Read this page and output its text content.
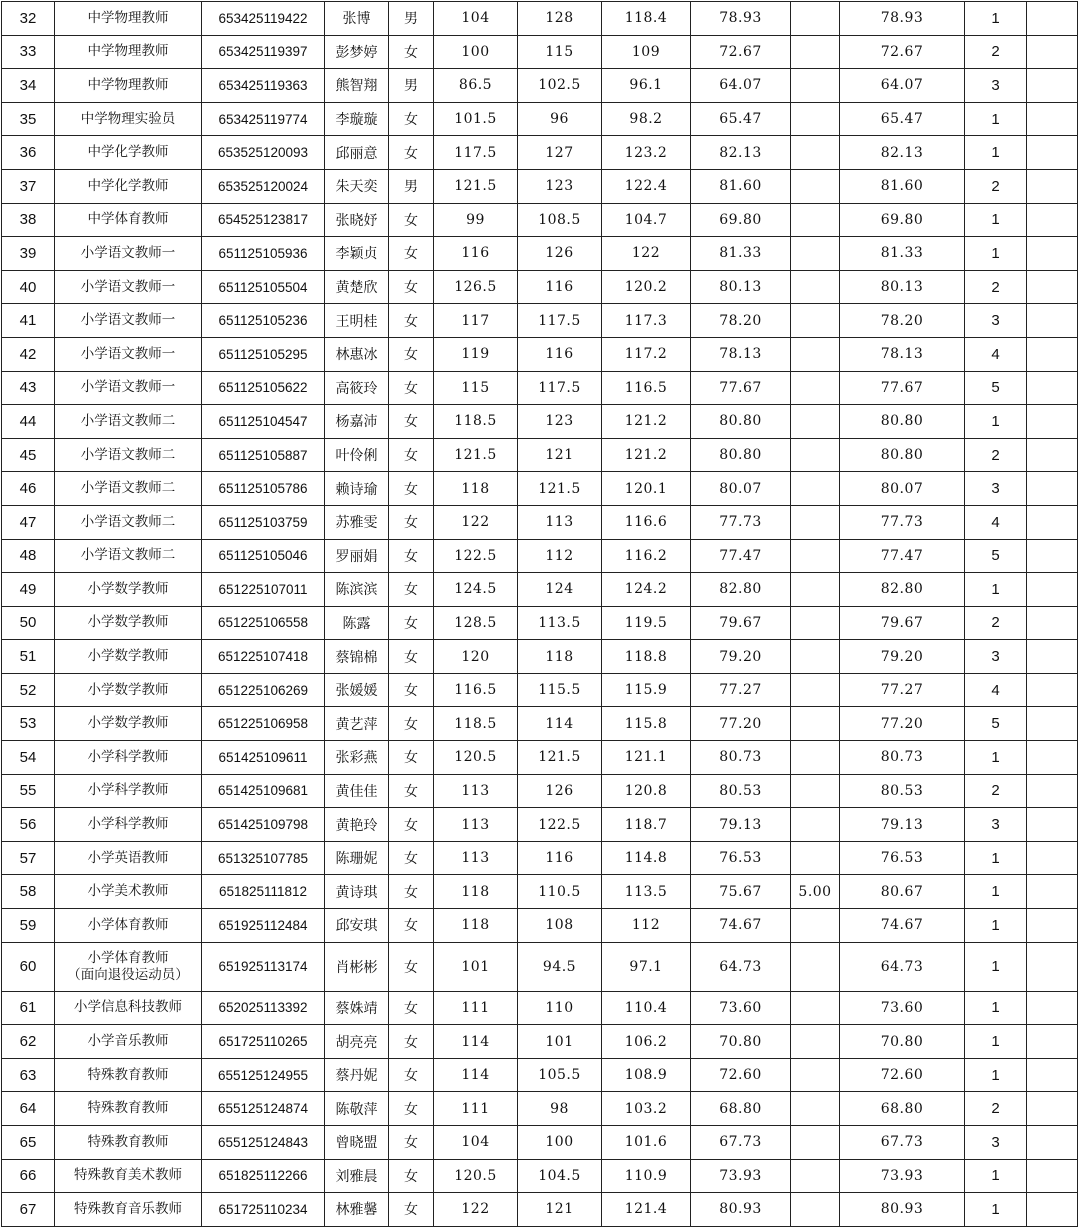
32	中学物理教师	653425119422	张博	男	104	128	118.4	78.93		78.93	1	
33	中学物理教师	653425119397	彭梦婷	女	100	115	109	72.67		72.67	2	
34	中学物理教师	653425119363	熊智翔	男	86.5	102.5	96.1	64.07		64.07	3	
35	中学物理实验员	653425119774	李璇璇	女	101.5	96	98.2	65.47		65.47	1	
36	中学化学教师	653525120093	邱丽意	女	117.5	127	123.2	82.13		82.13	1	
37	中学化学教师	653525120024	朱天奕	男	121.5	123	122.4	81.60		81.60	2	
38	中学体育教师	654525123817	张晓妤	女	99	108.5	104.7	69.80		69.80	1	
39	小学语文教师一	651125105936	李颖贞	女	116	126	122	81.33		81.33	1	
40	小学语文教师一	651125105504	黄楚欣	女	126.5	116	120.2	80.13		80.13	2	
41	小学语文教师一	651125105236	王明桂	女	117	117.5	117.3	78.20		78.20	3	
42	小学语文教师一	651125105295	林惠冰	女	119	116	117.2	78.13		78.13	4	
43	小学语文教师一	651125105622	高筱玲	女	115	117.5	116.5	77.67		77.67	5	
44	小学语文教师二	651125104547	杨嘉沛	女	118.5	123	121.2	80.80		80.80	1	
45	小学语文教师二	651125105887	叶伶俐	女	121.5	121	121.2	80.80		80.80	2	
46	小学语文教师二	651125105786	赖诗瑜	女	118	121.5	120.1	80.07		80.07	3	
47	小学语文教师二	651125103759	苏雅雯	女	122	113	116.6	77.73		77.73	4	
48	小学语文教师二	651125105046	罗丽娟	女	122.5	112	116.2	77.47		77.47	5	
49	小学数学教师	651225107011	陈滨滨	女	124.5	124	124.2	82.80		82.80	1	
50	小学数学教师	651225106558	陈露	女	128.5	113.5	119.5	79.67		79.67	2	
51	小学数学教师	651225107418	蔡锦棉	女	120	118	118.8	79.20		79.20	3	
52	小学数学教师	651225106269	张媛媛	女	116.5	115.5	115.9	77.27		77.27	4	
53	小学数学教师	651225106958	黄艺萍	女	118.5	114	115.8	77.20		77.20	5	
54	小学科学教师	651425109611	张彩燕	女	120.5	121.5	121.1	80.73		80.73	1	
55	小学科学教师	651425109681	黄佳佳	女	113	126	120.8	80.53		80.53	2	
56	小学科学教师	651425109798	黄艳玲	女	113	122.5	118.7	79.13		79.13	3	
57	小学英语教师	651325107785	陈珊妮	女	113	116	114.8	76.53		76.53	1	
58	小学美术教师	651825111812	黄诗琪	女	118	110.5	113.5	75.67	5.00	80.67	1	
59	小学体育教师	651925112484	邱安琪	女	118	108	112	74.67		74.67	1	
60	小学体育教师
（面向退役运动员）	651925113174	肖彬彬	女	101	94.5	97.1	64.73		64.73	1	
61	小学信息科技教师	652025113392	蔡姝靖	女	111	110	110.4	73.60		73.60	1	
62	小学音乐教师	651725110265	胡亮亮	女	114	101	106.2	70.80		70.80	1	
63	特殊教育教师	655125124955	蔡丹妮	女	114	105.5	108.9	72.60		72.60	1	
64	特殊教育教师	655125124874	陈敬萍	女	111	98	103.2	68.80		68.80	2	
65	特殊教育教师	655125124843	曾晓盟	女	104	100	101.6	67.73		67.73	3	
66	特殊教育美术教师	651825112266	刘雅晨	女	120.5	104.5	110.9	73.93		73.93	1	
67	特殊教育音乐教师	651725110234	林雅馨	女	122	121	121.4	80.93		80.93	1	
